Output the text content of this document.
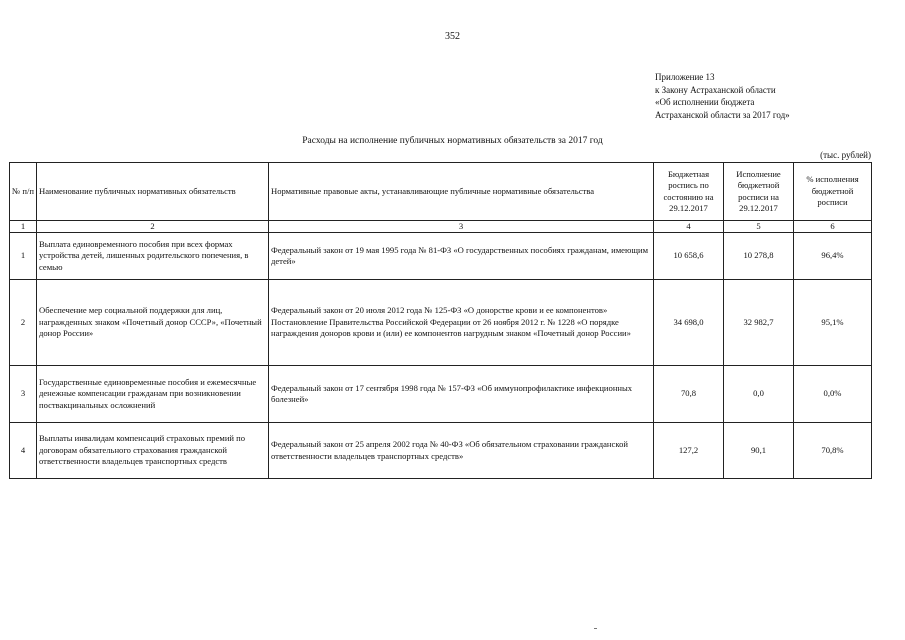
352
Приложение 13
к Закону Астраханской области
«Об исполнении бюджета
Астраханской области за 2017 год»
Расходы на исполнение публичных нормативных обязательств за 2017 год
(тыс. рублей)
№ п/п	Наименование публичных нормативных обязательств	Нормативные правовые акты, устанавливающие публичные нормативные обязательства	Бюджетная роспись по состоянию на 29.12.2017	Исполнение бюджетной росписи на 29.12.2017	% исполнения бюджетной росписи
1	2	3	4	5	6
1	Выплата единовременного пособия при всех формах устройства детей, лишенных родительского попечения, в семью	Федеральный закон от 19 мая 1995 года № 81-ФЗ «О государственных пособиях гражданам, имеющим детей»	10 658,6	10 278,8	96,4%
2	Обеспечение мер социальной поддержки для лиц, награжденных знаком «Почетный донор СССР», «Почетный донор России»	Федеральный закон от 20 июля 2012 года № 125-ФЗ «О донорстве крови и ее компонентов»
Постановление Правительства Российской Федерации от 26 ноября 2012 г. № 1228 «О порядке награждения доноров крови и (или) ее компонентов нагрудным знаком «Почетный донор России»	34 698,0	32 982,7	95,1%
3	Государственные единовременные пособия и ежемесячные денежные компенсации гражданам при возникновении поствакцинальных осложнений	Федеральный закон от 17 сентября 1998 года № 157-ФЗ «Об иммунопрофилактике инфекционных болезней»	70,8	0,0	0,0%
4	Выплаты инвалидам компенсаций страховых премий по договорам обязательного страхования гражданской ответственности владельцев транспортных средств	Федеральный закон от 25 апреля 2002 года № 40-ФЗ «Об обязательном страховании гражданской ответственности владельцев транспортных средств»	127,2	90,1	70,8%
